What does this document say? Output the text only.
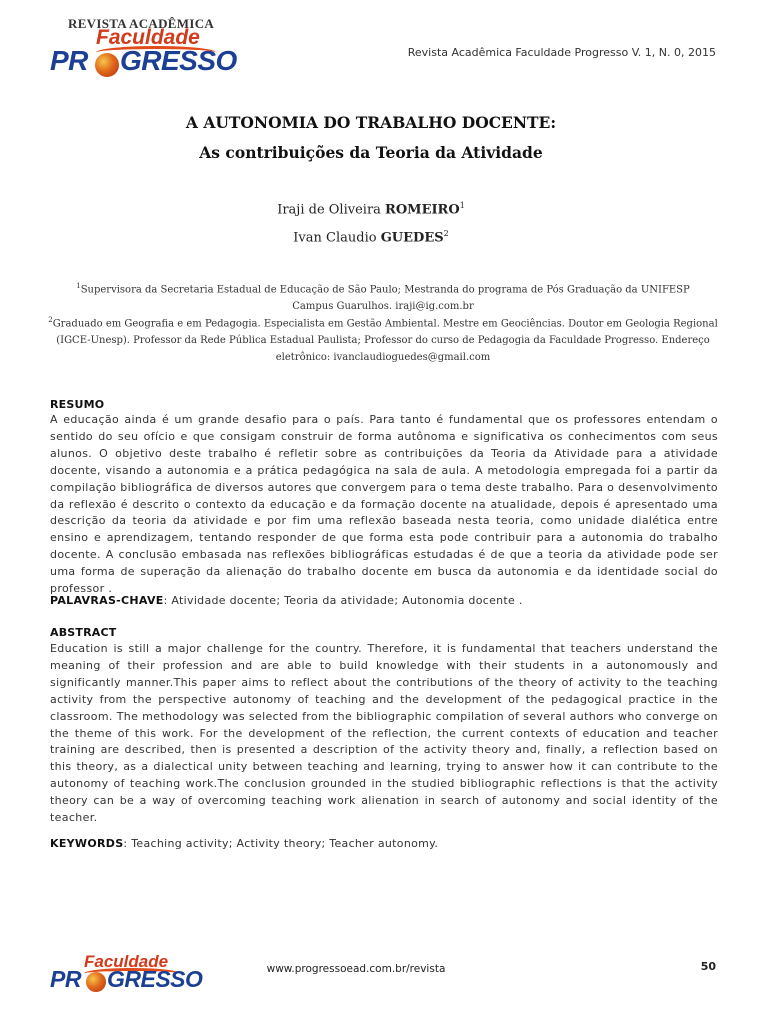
REVISTA ACADÊMICA
Faculdade
PR GRESSO	Revista Acadêmica Faculdade Progresso V. 1, N. 0, 2015
A AUTONOMIA DO TRABALHO DOCENTE:
As contribuições da Teoria da Atividade
Iraji de Oliveira ROMEIRO$^1$
Ivan Claudio GUEDES$^2$
$^1$Supervisora da Secretaria Estadual de Educação de São Paulo; Mestranda do programa de Pós Graduação da UNIFESP Campus Guarulhos. iraji@ig.com.br
$^2$Graduado em Geografia e em Pedagogia. Especialista em Gestão Ambiental. Mestre em Geociências. Doutor em Geologia Regional (IGCE-Unesp). Professor da Rede Pública Estadual Paulista; Professor do curso de Pedagogia da Faculdade Progresso. Endereço eletrônico: ivanclaudioguedes@gmail.com
RESUMO
A educação ainda é um grande desafio para o país. Para tanto é fundamental que os professores entendam o sentido do seu ofício e que consigam construir de forma autônoma e significativa os conhecimentos com seus alunos. O objetivo deste trabalho é refletir sobre as contribuições da Teoria da Atividade para a atividade docente, visando a autonomia e a prática pedagógica na sala de aula. A metodologia empregada foi a partir da compilação bibliográfica de diversos autores que convergem para o tema deste trabalho. Para o desenvolvimento da reflexão é descrito o contexto da educação e da formação docente na atualidade, depois é apresentado uma descrição da teoria da atividade e por fim uma reflexão baseada nesta teoria, como unidade dialética entre ensino e aprendizagem, tentando responder de que forma esta pode contribuir para a autonomia do trabalho docente. A conclusão embasada nas reflexões bibliográficas estudadas é de que a teoria da atividade pode ser uma forma de superação da alienação do trabalho docente em busca da autonomia e da identidade social do professor .
PALAVRAS-CHAVE: Atividade docente; Teoria da atividade; Autonomia docente .
ABSTRACT
Education is still a major challenge for the country. Therefore, it is fundamental that teachers understand the meaning of their profession and are able to build knowledge with their students in a autonomously and significantly manner.This paper aims to reflect about the contributions of the theory of activity to the teaching activity from the perspective autonomy of teaching and the development of the pedagogical practice in the classroom. The methodology was selected from the bibliographic compilation of several authors who converge on the theme of this work. For the development of the reflection, the current contexts of education and teacher training are described, then is presented a description of the activity theory and, finally, a reflection based on this theory, as a dialectical unity between teaching and learning, trying to answer how it can contribute to the autonomy of teaching work.The conclusion grounded in the studied bibliographic reflections is that the activity theory can be a way of overcoming teaching work alienation in search of autonomy and social identity of the teacher.
KEYWORDS: Teaching activity; Activity theory; Teacher autonomy.
Faculdade
PR GRESSO	www.progressoead.com.br/revista	50
